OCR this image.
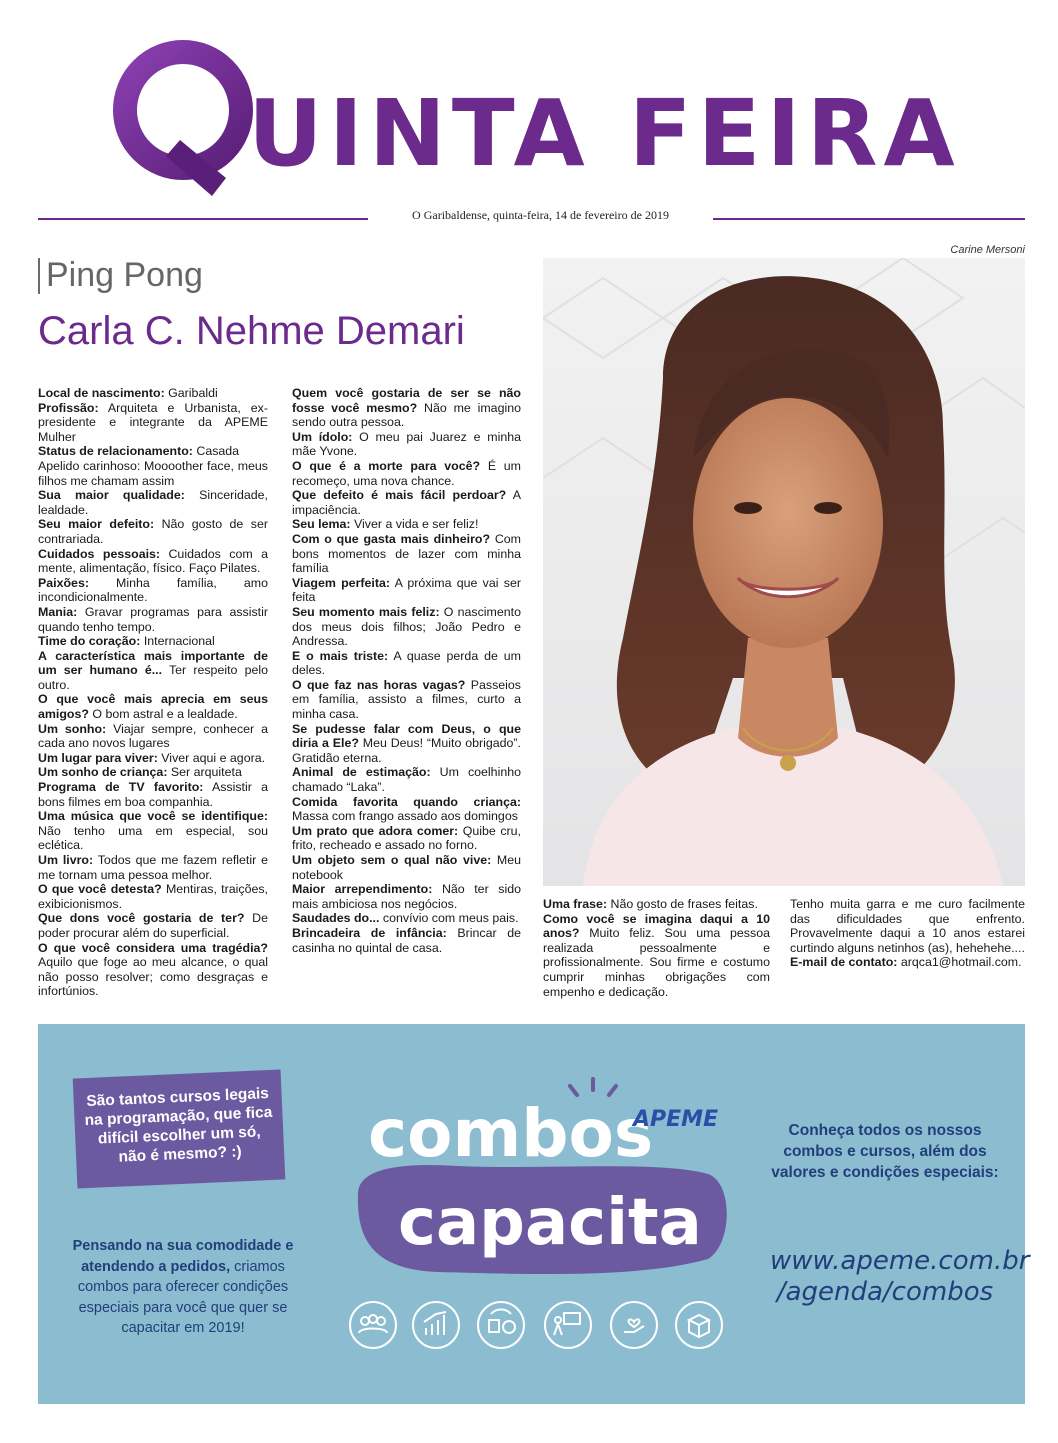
Q UINTA FEIRA
O Garibaldense, quinta-feira, 14 de fevereiro de 2019
Ping Pong
Carla C. Nehme Demari
Carine Mersoni
Local de nascimento: Garibaldi
Profissão: Arquiteta e Urbanista, ex-presidente e integrante da APEME Mulher
Status de relacionamento: Casada
Apelido carinhoso: Moooother face, meus filhos me chamam assim
Sua maior qualidade: Sinceridade, lealdade.
Seu maior defeito: Não gosto de ser contrariada.
Cuidados pessoais: Cuidados com a mente, alimentação, físico. Faço Pilates.
Paixões: Minha família, amo incondicionalmente.
Mania: Gravar programas para assistir quando tenho tempo.
Time do coração: Internacional
A característica mais importante de um ser humano é... Ter respeito pelo outro.
O que você mais aprecia em seus amigos? O bom astral e a lealdade.
Um sonho: Viajar sempre, conhecer a cada ano novos lugares
Um lugar para viver: Viver aqui e agora.
Um sonho de criança: Ser arquiteta
Programa de TV favorito: Assistir a bons filmes em boa companhia.
Uma música que você se identifique: Não tenho uma em especial, sou eclética.
Um livro: Todos que me fazem refletir e me tornam uma pessoa melhor.
O que você detesta? Mentiras, traições, exibicionismos.
Que dons você gostaria de ter? De poder procurar além do superficial.
O que você considera uma tragédia? Aquilo que foge ao meu alcance, o qual não posso resolver; como desgraças e infortúnios.
Quem você gostaria de ser se não fosse você mesmo? Não me imagino sendo outra pessoa.
Um ídolo: O meu pai Juarez e minha mãe Yvone.
O que é a morte para você? É um recomeço, uma nova chance.
Que defeito é mais fácil perdoar? A impaciência.
Seu lema: Viver a vida e ser feliz!
Com o que gasta mais dinheiro? Com bons momentos de lazer com minha família
Viagem perfeita: A próxima que vai ser feita
Seu momento mais feliz: O nascimento dos meus dois filhos; João Pedro e Andressa.
E o mais triste: A quase perda de um deles.
O que faz nas horas vagas? Passeios em família, assisto a filmes, curto a minha casa.
Se pudesse falar com Deus, o que diria a Ele? Meu Deus! “Muito obrigado”. Gratidão eterna.
Animal de estimação: Um coelhinho chamado “Laka”.
Comida favorita quando criança: Massa com frango assado aos domingos
Um prato que adora comer: Quibe cru, frito, recheado e assado no forno.
Um objeto sem o qual não vive: Meu notebook
Maior arrependimento: Não ter sido mais ambiciosa nos negócios.
Saudades do... convívio com meus pais.
Brincadeira de infância: Brincar de casinha no quintal de casa.
Uma frase: Não gosto de frases feitas.
Como você se imagina daqui a 10 anos? Muito feliz. Sou uma pessoa realizada pessoalmente e profissionalmente. Sou firme e costumo cumprir minhas obrigações com empenho e dedicação.
Tenho muita garra e me curo facilmente das dificuldades que enfrento. Provavelmente daqui a 10 anos estarei curtindo alguns netinhos (as), hehehehe....
E-mail de contato: arqca1@hotmail.com.
São tantos cursos legais na programação, que fica difícil escolher um só, não é mesmo? :)
Pensando na sua comodidade e atendendo a pedidos, criamos combos para oferecer condições especiais para você que quer se capacitar em 2019!
combos
APEME
capacita
Conheça todos os nossos combos e cursos, além dos valores e condições especiais:
www.apeme.com.br
/agenda/combos
